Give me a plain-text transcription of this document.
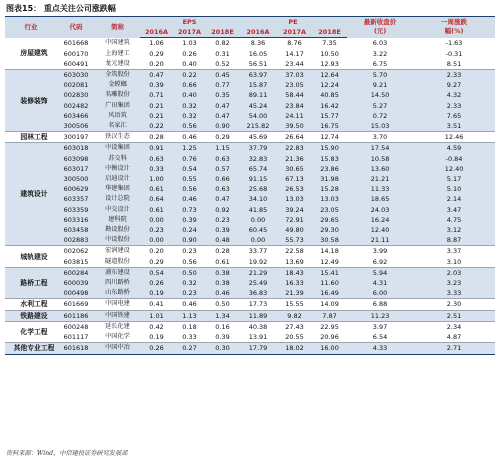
图表15： 重点关注公司涨跌幅
行业	代码	简称	EPS			PE			最新收盘价
(元)	一周涨跌
幅(%)
			2016A	2017A	2018E	2016A	2017A	2018E		
房屋建筑	601668	中国建筑	1.06	1.03	0.82	8.36	8.76	7.35	6.03	-1.63
	600170	上海建工	0.29	0.26	0.31	16.05	14.17	10.50	3.22	-0.31
	600491	龙元建设	0.20	0.40	0.52	56.51	23.44	12.93	6.75	8.51
装修装饰	603030	全筑股份	0.47	0.22	0.45	63.97	37.03	12.64	5.70	2.33
	002081	金螳螂	0.39	0.66	0.77	15.87	23.05	12.24	9.21	9.27
	002830	名雕股份	0.71	0.40	0.35	89.11	58.44	40.85	14.50	4.32
	002482	广田集团	0.21	0.32	0.47	45.24	23.84	16.42	5.27	2.33
	603466	风语筑	0.21	0.32	0.47	54.00	24.11	15.77	0.72	7.65
	300506	名家汇	0.22	0.56	0.90	215.82	39.50	16.75	15.03	3.51
园林工程	300197	铁汉生态	0.28	0.46	0.29	45.69	26.64	12.74	3.70	12.46
建筑设计	603018	中设集团	0.91	1.25	1.15	37.79	22.83	15.90	17.54	4.59
	603098	苏交科	0.63	0.76	0.63	32.83	21.36	15.83	10.58	-0.84
	603017	中衡设计	0.33	0.54	0.57	65.74	30.65	23.86	13.60	12.40
	300500	启迪设计	1.00	0.55	0.66	91.15	67.13	31.98	21.21	5.17
	600629	华建集团	0.61	0.56	0.63	25.68	26.53	15.28	11.33	5.10
	603357	设计总院	0.64	0.46	0.47	34.10	13.03	13.03	18.65	2.14
	603359	中交设计	0.61	0.73	0.92	41.85	39.24	23.05	24.03	3.47
	603316	建科院	0.00	0.39	0.23	0.00	72.91	29.65	16.24	4.75
	603458	勘设股份	0.23	0.24	0.39	60.45	49.80	29.30	12.40	3.12
	002883	中设股份	0.00	0.90	0.48	0.00	55.73	30.58	21.11	8.87
城轨建设	002062	宏润建设	0.20	0.23	0.28	33.77	22.58	14.18	3.99	3.37
	603815	隧道股份	0.29	0.56	0.61	19.92	13.69	12.49	6.92	3.10
路桥工程	600284	浦东建设	0.54	0.50	0.38	21.29	18.43	15.41	5.94	2.03
	600039	四川路桥	0.26	0.32	0.38	25.49	16.33	11.60	4.31	3.23
	000498	山东路桥	0.19	0.23	0.46	36.83	21.39	16.49	6.00	3.33
水利工程	601669	中国电建	0.41	0.46	0.50	17.73	15.55	14.09	6.88	2.30
铁路建设	601186	中国铁建	1.01	1.13	1.34	11.89	9.82	7.87	11.23	2.51
化学工程	600248	延长化建	0.42	0.18	0.16	40.38	27.43	22.95	3.97	2.34
	601117	中国化学	0.19	0.33	0.39	13.91	20.55	20.96	6.54	4.87
其他专业工程	601618	中国中冶	0.26	0.27	0.30	17.79	18.02	16.00	4.33	2.71
资料来源：Wind，中信建投证券研究发展部
